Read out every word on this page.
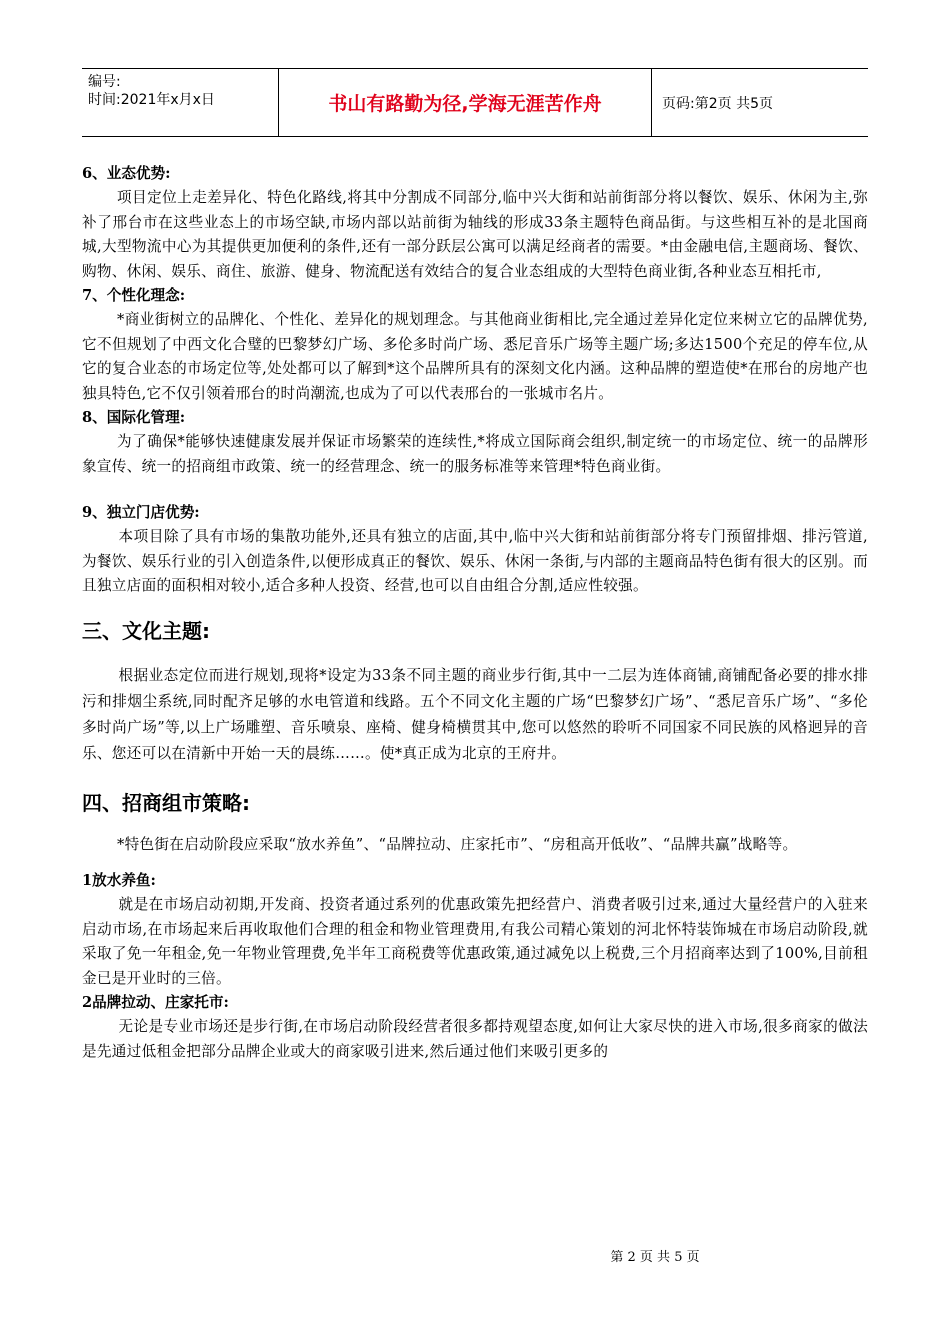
编号:
时间:2021年x月x日	书山有路勤为径,学海无涯苦作舟	页码:第2页 共5页

6、业态优势:

项目定位上走差异化、特色化路线,将其中分割成不同部分,临中兴大街和站前街部分将以餐饮、娱乐、休闲为主,弥补了邢台市在这些业态上的市场空缺,市场内部以站前街为轴线的形成33条主题特色商品街。与这些相互补的是北国商城,大型物流中心为其提供更加便利的条件,还有一部分跃层公寓可以满足经商者的需要。*由金融电信,主题商场、餐饮、购物、休闲、娱乐、商住、旅游、健身、物流配送有效结合的复合业态组成的大型特色商业街,各种业态互相托市,

7、个性化理念:

*商业街树立的品牌化、个性化、差异化的规划理念。与其他商业街相比,完全通过差异化定位来树立它的品牌优势,它不但规划了中西文化合璧的巴黎梦幻广场、多伦多时尚广场、悉尼音乐广场等主题广场;多达1500个充足的停车位,从它的复合业态的市场定位等,处处都可以了解到*这个品牌所具有的深刻文化内涵。这种品牌的塑造使*在邢台的房地产也独具特色,它不仅引领着邢台的时尚潮流,也成为了可以代表邢台的一张城市名片。

8、国际化管理:

为了确保*能够快速健康发展并保证市场繁荣的连续性,*将成立国际商会组织,制定统一的市场定位、统一的品牌形象宣传、统一的招商组市政策、统一的经营理念、统一的服务标准等来管理*特色商业街。

9、独立门店优势:

本项目除了具有市场的集散功能外,还具有独立的店面,其中,临中兴大街和站前街部分将专门预留排烟、排污管道,为餐饮、娱乐行业的引入创造条件,以便形成真正的餐饮、娱乐、休闲一条街,与内部的主题商品特色街有很大的区别。而且独立店面的面积相对较小,适合多种人投资、经营,也可以自由组合分割,适应性较强。

三、文化主题:

根据业态定位而进行规划,现将*设定为33条不同主题的商业步行街,其中一二层为连体商铺,商铺配备必要的排水排污和排烟尘系统,同时配齐足够的水电管道和线路。五个不同文化主题的广场“巴黎梦幻广场”、“悉尼音乐广场”、“多伦多时尚广场”等,以上广场雕塑、音乐喷泉、座椅、健身椅横贯其中,您可以悠然的聆听不同国家不同民族的风格迥异的音乐、您还可以在清新中开始一天的晨练……。使*真正成为北京的王府井。

四、招商组市策略:

*特色街在启动阶段应采取“放水养鱼”、“品牌拉动、庄家托市”、“房租高开低收”、“品牌共赢”战略等。

1放水养鱼:

就是在市场启动初期,开发商、投资者通过系列的优惠政策先把经营户、消费者吸引过来,通过大量经营户的入驻来启动市场,在市场起来后再收取他们合理的租金和物业管理费用,有我公司精心策划的河北怀特装饰城在市场启动阶段,就采取了免一年租金,免一年物业管理费,免半年工商税费等优惠政策,通过减免以上税费,三个月招商率达到了100%,目前租金已是开业时的三倍。

2品牌拉动、庄家托市:

无论是专业市场还是步行街,在市场启动阶段经营者很多都持观望态度,如何让大家尽快的进入市场,很多商家的做法是先通过低租金把部分品牌企业或大的商家吸引进来,然后通过他们来吸引更多的

第 2 页 共 5 页
